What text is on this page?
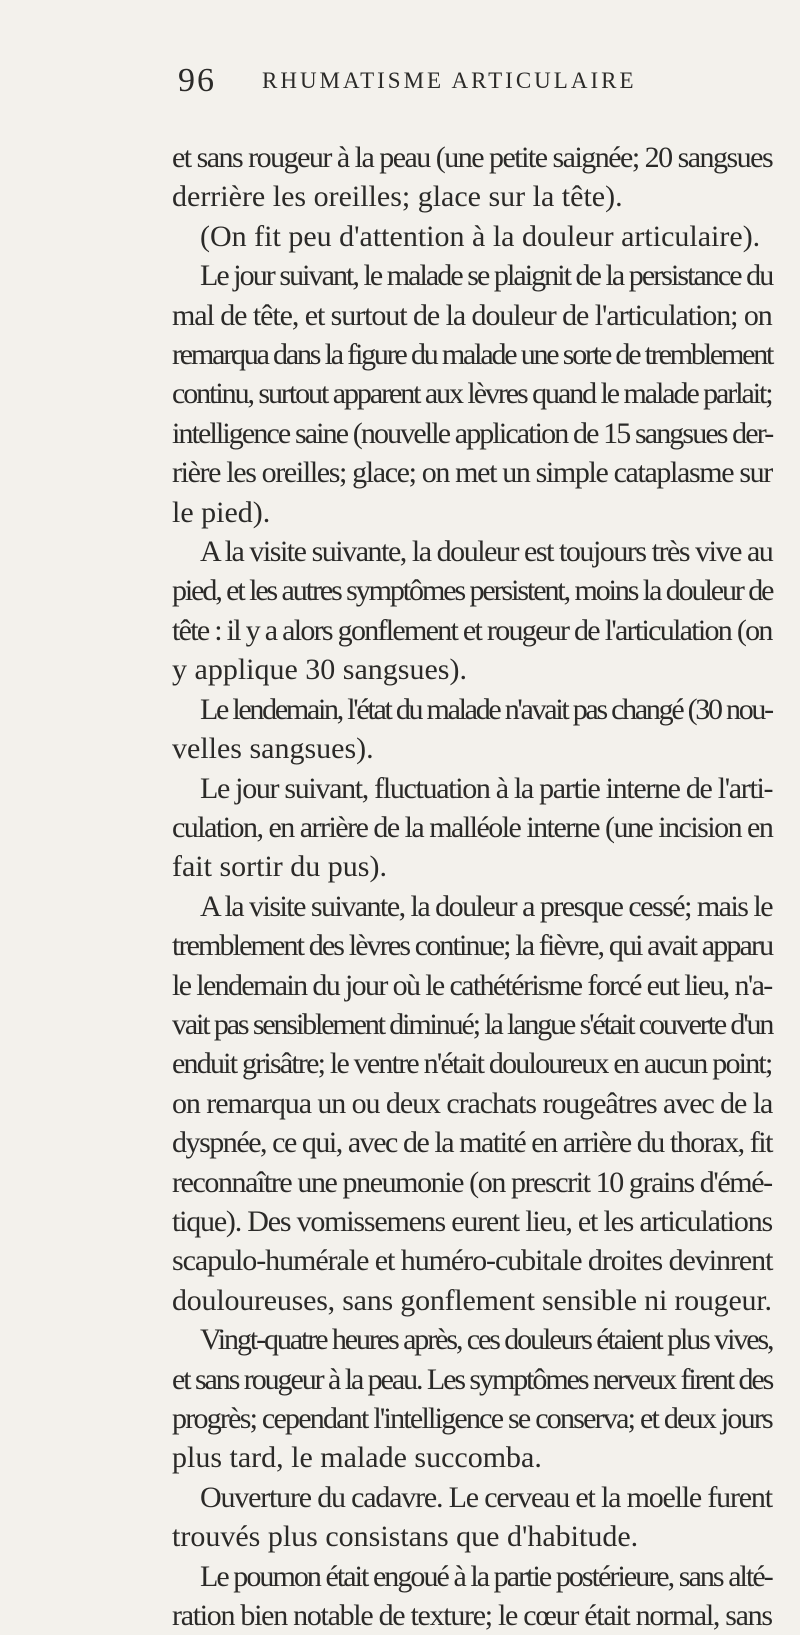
96 RHUMATISME ARTICULAIRE
et sans rougeur à la peau (une petite saignée; 20 sangsues
derrière les oreilles; glace sur la tête).
(On fit peu d'attention à la douleur articulaire).
Le jour suivant, le malade se plaignit de la persistance du
mal de tête, et surtout de la douleur de l'articulation; on
remarqua dans la figure du malade une sorte de tremblement
continu, surtout apparent aux lèvres quand le malade parlait;
intelligence saine (nouvelle application de 15 sangsues der-
rière les oreilles; glace; on met un simple cataplasme sur
le pied).
A la visite suivante, la douleur est toujours très vive au
pied, et les autres symptômes persistent, moins la douleur de
tête : il y a alors gonflement et rougeur de l'articulation (on
y applique 30 sangsues).
Le lendemain, l'état du malade n'avait pas changé (30 nou-
velles sangsues).
Le jour suivant, fluctuation à la partie interne de l'arti-
culation, en arrière de la malléole interne (une incision en
fait sortir du pus).
A la visite suivante, la douleur a presque cessé; mais le
tremblement des lèvres continue; la fièvre, qui avait apparu
le lendemain du jour où le cathétérisme forcé eut lieu, n'a-
vait pas sensiblement diminué; la langue s'était couverte d'un
enduit grisâtre; le ventre n'était douloureux en aucun point;
on remarqua un ou deux crachats rougeâtres avec de la
dyspnée, ce qui, avec de la matité en arrière du thorax, fit
reconnaître une pneumonie (on prescrit 10 grains d'émé-
tique). Des vomissemens eurent lieu, et les articulations
scapulo-humérale et huméro-cubitale droites devinrent
douloureuses, sans gonflement sensible ni rougeur.
Vingt-quatre heures après, ces douleurs étaient plus vives,
et sans rougeur à la peau. Les symptômes nerveux firent des
progrès; cependant l'intelligence se conserva; et deux jours
plus tard, le malade succomba.
Ouverture du cadavre. Le cerveau et la moelle furent
trouvés plus consistans que d'habitude.
Le poumon était engoué à la partie postérieure, sans alté-
ration bien notable de texture; le cœur était normal, sans
